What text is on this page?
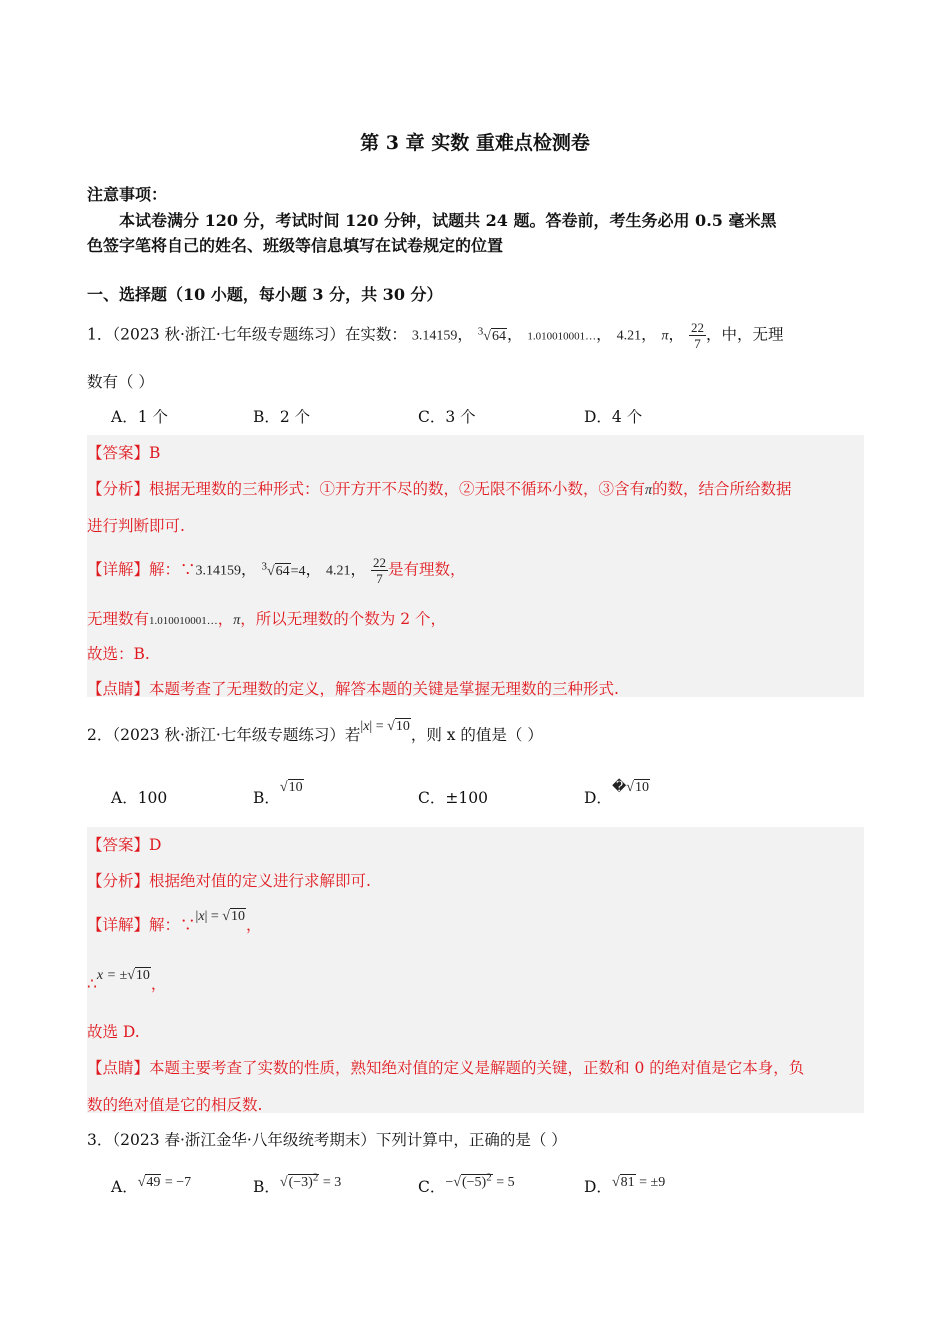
第 3 章 实数 重难点检测卷
注意事项：
本试卷满分 120 分，考试时间 120 分钟，试题共 24 题。答卷前，考生务必用 0.5 毫米黑
色签字笔将自己的姓名、班级等信息填写在试卷规定的位置
一、选择题（10 小题，每小题 3 分，共 30 分）
1．（2023 秋·浙江·七年级专题练习）在实数： 3.14159， $^3$√64， 1.010010001…， 4.21， π， $\frac{22}{7}$ ，中，无理
数有（ ）
A．1 个	B．2 个	C．3 个	D．4 个
【答案】B
【分析】根据无理数的三种形式：①开方开不尽的数，②无限不循环小数，③含有π的数，结合所给数据
进行判断即可.
【详解】解：∵3.14159， $^3$√64=4， 4.21， $\frac{22}{7}$ 是有理数，
无理数有1.010010001…，π，所以无理数的个数为 2 个，
故选：B.
【点睛】本题考查了无理数的定义，解答本题的关键是掌握无理数的三种形式.
2．（2023 秋·浙江·七年级专题练习）若|x| = √10，则 x 的值是（ ）
A．100	B．√10
C．±100	D．�√10
【答案】D
【分析】根据绝对值的定义进行求解即可.
【详解】解：∵|x| = √10，
∴x = ±√10，
故选 D.
【点睛】本题主要考查了实数的性质，熟知绝对值的定义是解题的关键，正数和 0 的绝对值是它本身，负
数的绝对值是它的相反数.
3．（2023 春·浙江金华·八年级统考期末）下列计算中，正确的是（ ）
A．√49 = −7	B．$√(-3)^2 = 3$	C．$-√(-5)^2 = 5$	D．√81 = ±9
